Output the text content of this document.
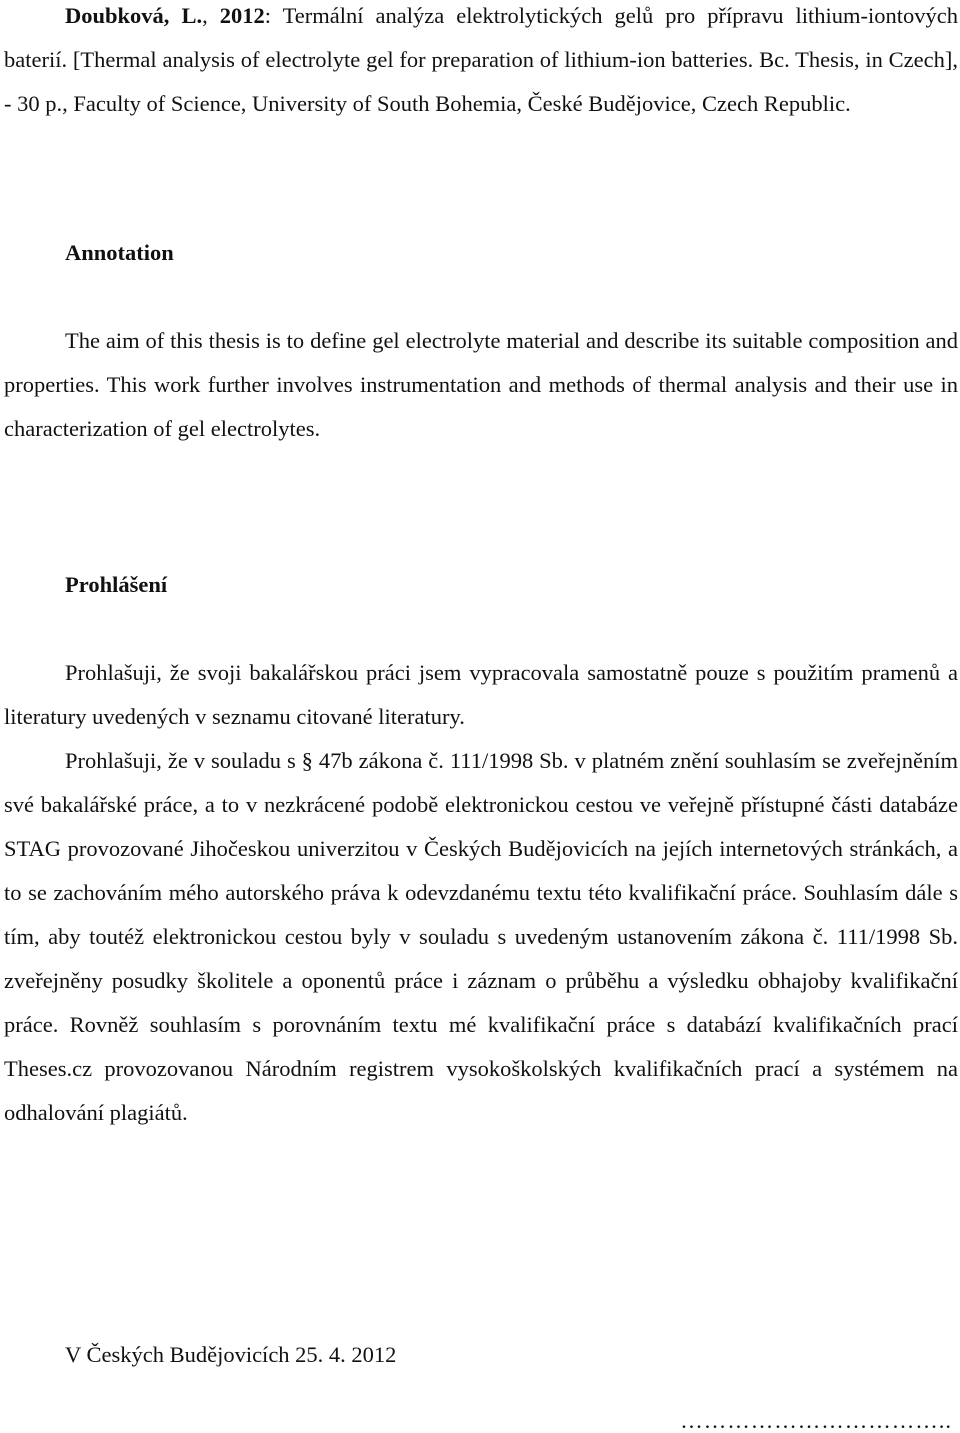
Doubková, L., 2012: Termální analýza elektrolytických gelů pro přípravu lithium-iontových baterií. [Thermal analysis of electrolyte gel for preparation of lithium-ion batteries. Bc. Thesis, in Czech], - 30 p., Faculty of Science, University of South Bohemia, České Budějovice, Czech Republic.
Annotation
The aim of this thesis is to define gel electrolyte material and describe its suitable composition and properties. This work further involves instrumentation and methods of thermal analysis and their use in characterization of gel electrolytes.
Prohlášení
Prohlašuji, že svoji bakalářskou práci jsem vypracovala samostatně pouze s použitím pramenů a literatury uvedených v seznamu citované literatury.
Prohlašuji, že v souladu s § 47b zákona č. 111/1998 Sb. v platném znění souhlasím se zveřejněním své bakalářské práce, a to v nezkrácené podobě elektronickou cestou ve veřejně přístupné části databáze STAG provozované Jihočeskou univerzitou v Českých Budějovicích na jejích internetových stránkách, a to se zachováním mého autorského práva k odevzdanému textu této kvalifikační práce. Souhlasím dále s tím, aby toutéž elektronickou cestou byly v souladu s uvedeným ustanovením zákona č. 111/1998 Sb. zveřejněny posudky školitele a oponentů práce i záznam o průběhu a výsledku obhajoby kvalifikační práce. Rovněž souhlasím s porovnáním textu mé kvalifikační práce s databází kvalifikačních prací Theses.cz provozovanou Národním registrem vysokoškolských kvalifikačních prací a systémem na odhalování plagiátů.
V Českých Budějovicích 25. 4. 2012
……………………………..
